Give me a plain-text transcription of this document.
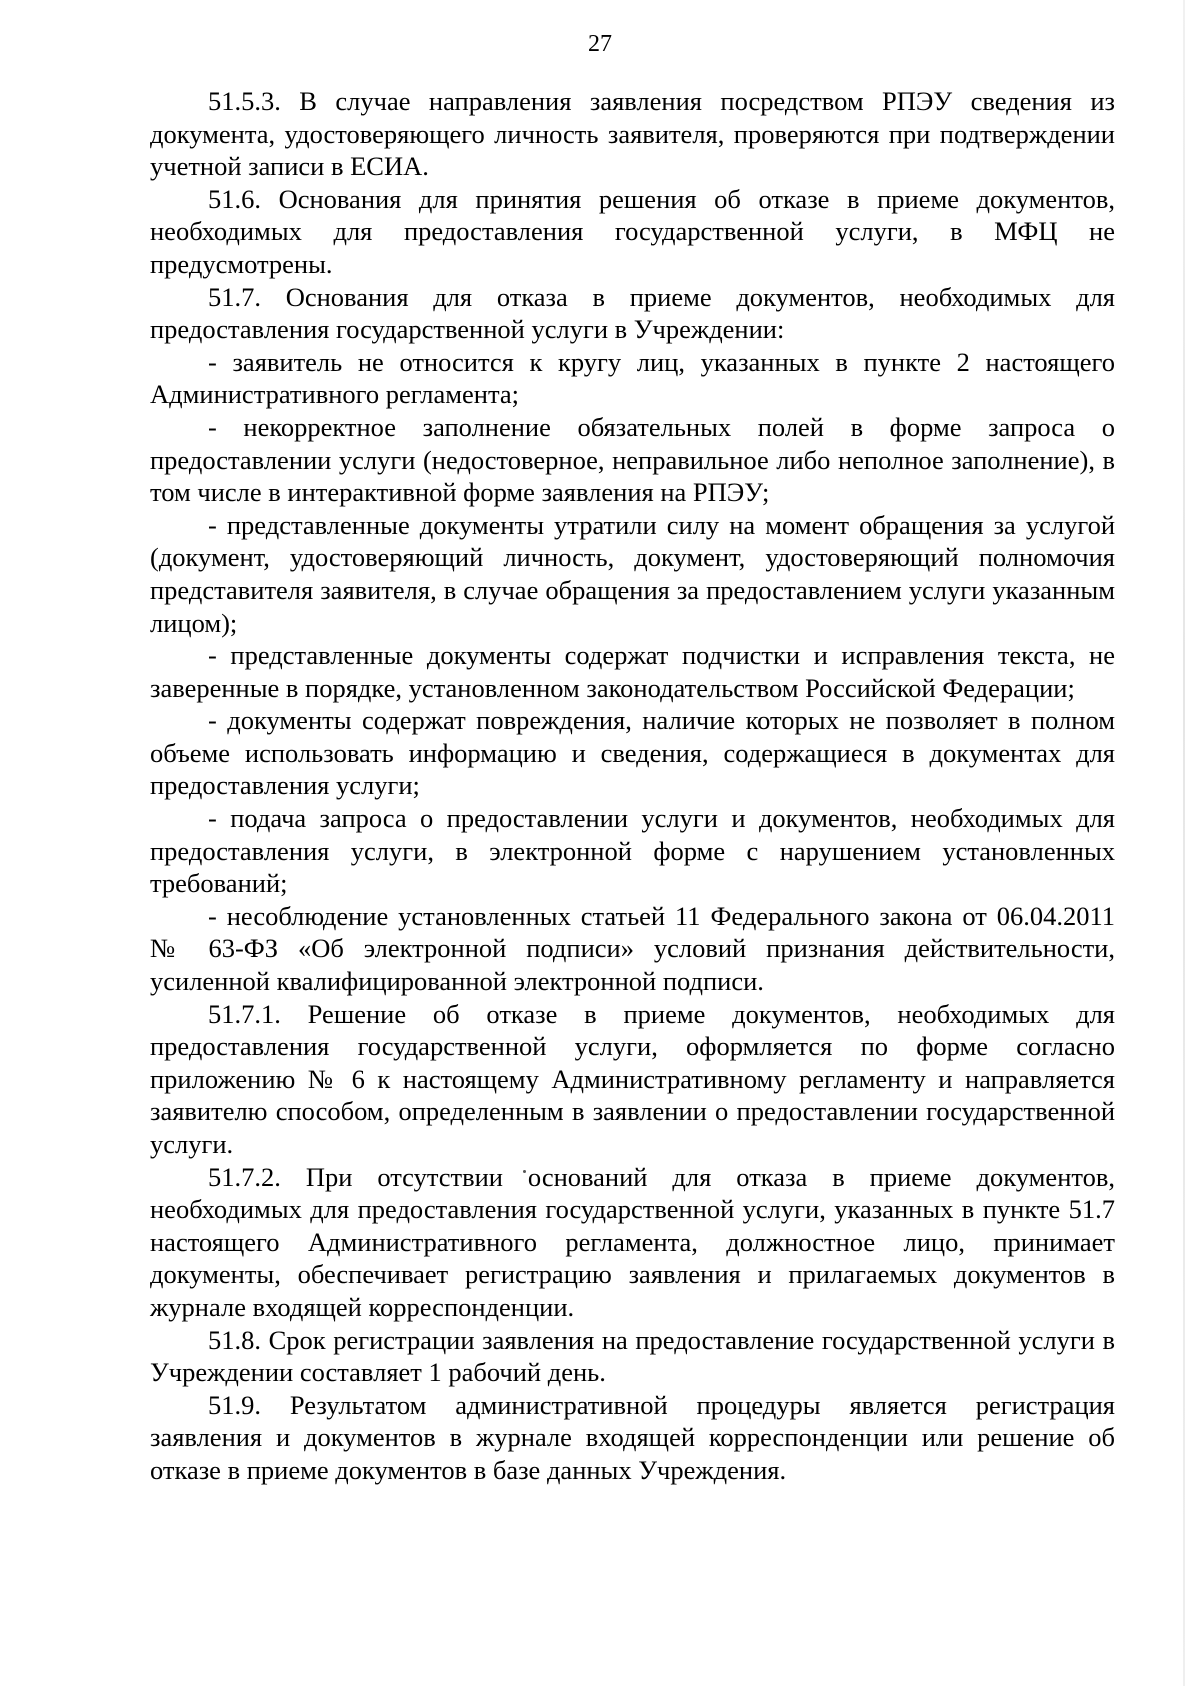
27

51.5.3. В случае направления заявления посредством РПЭУ сведения из документа, удостоверяющего личность заявителя, проверяются при подтверждении учетной записи в ЕСИА.

51.6. Основания для принятия решения об отказе в приеме документов, необходимых для предоставления государственной услуги, в МФЦ не предусмотрены.

51.7. Основания для отказа в приеме документов, необходимых для предоставления государственной услуги в Учреждении:

- заявитель не относится к кругу лиц, указанных в пункте 2 настоящего Административного регламента;

- некорректное заполнение обязательных полей в форме запроса о предоставлении услуги (недостоверное, неправильное либо неполное заполнение), в том числе в интерактивной форме заявления на РПЭУ;

- представленные документы утратили силу на момент обращения за услугой (документ, удостоверяющий личность, документ, удостоверяющий полномочия представителя заявителя, в случае обращения за предоставлением услуги указанным лицом);

- представленные документы содержат подчистки и исправления текста, не заверенные в порядке, установленном законодательством Российской Федерации;

- документы содержат повреждения, наличие которых не позволяет в полном объеме использовать информацию и сведения, содержащиеся в документах для предоставления услуги;

- подача запроса о предоставлении услуги и документов, необходимых для предоставления услуги, в электронной форме с нарушением установленных требований;

- несоблюдение установленных статьей 11 Федерального закона от 06.04.2011 № 63-ФЗ «Об электронной подписи» условий признания действительности, усиленной квалифицированной электронной подписи.

51.7.1. Решение об отказе в приеме документов, необходимых для предоставления государственной услуги, оформляется по форме согласно приложению № 6 к настоящему Административному регламенту и направляется заявителю способом, определенным в заявлении о предоставлении государственной услуги.

51.7.2. При отсутствии оснований для отказа в приеме документов, необходимых для предоставления государственной услуги, указанных в пункте 51.7 настоящего Административного регламента, должностное лицо, принимает документы, обеспечивает регистрацию заявления и прилагаемых документов в журнале входящей корреспонденции.

51.8. Срок регистрации заявления на предоставление государственной услуги в Учреждении составляет 1 рабочий день.

51.9. Результатом административной процедуры является регистрация заявления и документов в журнале входящей корреспонденции или решение об отказе в приеме документов в базе данных Учреждения.
